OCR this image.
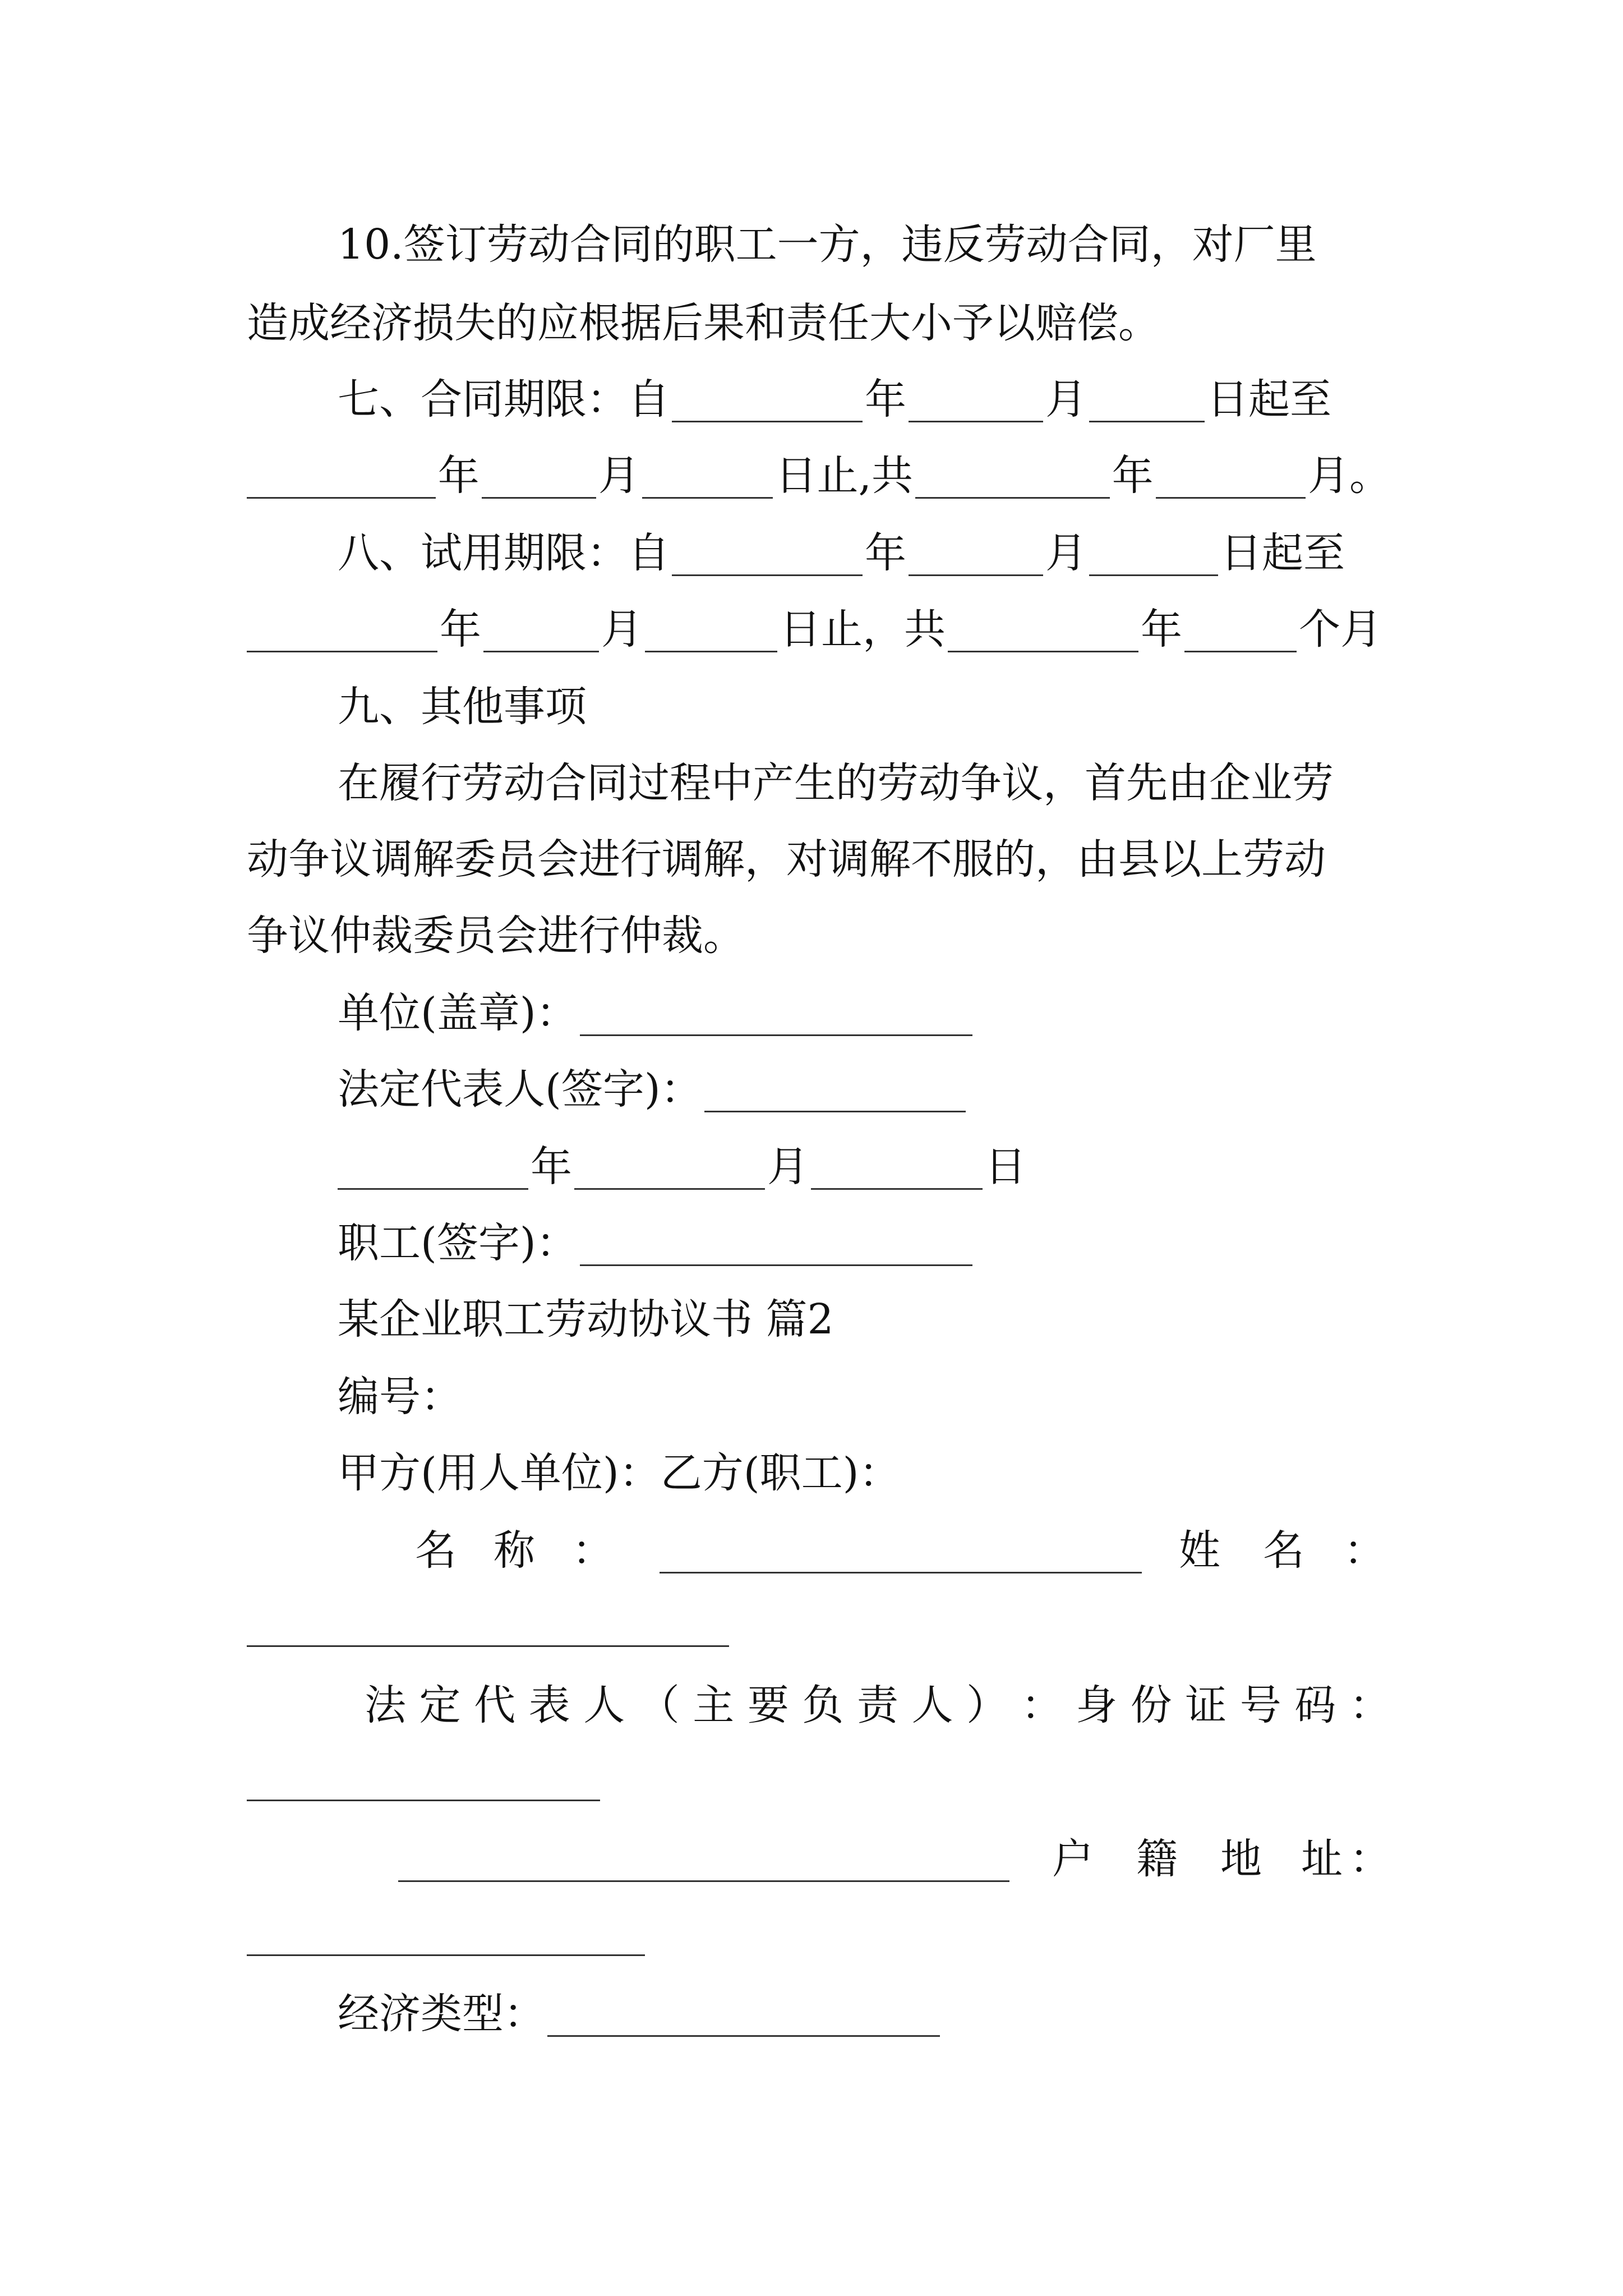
10.签订劳动合同的职工一方，违反劳动合同，对厂里
造成经济损失的应根据后果和责任大小予以赔偿。
七、合同期限：自	年	月	日起至
年	月	日止,共	年	月。
八、试用期限：自	年	月	日起至
年	月	日止，共	年	个月
九、其他事项
在履行劳动合同过程中产生的劳动争议，首先由企业劳
动争议调解委员会进行调解，对调解不服的，由县以上劳动
争议仲裁委员会进行仲裁。
单位(盖章)：
法定代表人(签字)：
年	月	日
职工(签字)：
某企业职工劳动协议书 篇2
编号：
甲方(用人单位)：乙方(职工)：
名 称 ：	姓 名 ：
法 定 代 表 人 （ 主 要 负 责 人 ） ： 身 份 证 号 码 ：
户 籍 地 址 ：
经济类型：
